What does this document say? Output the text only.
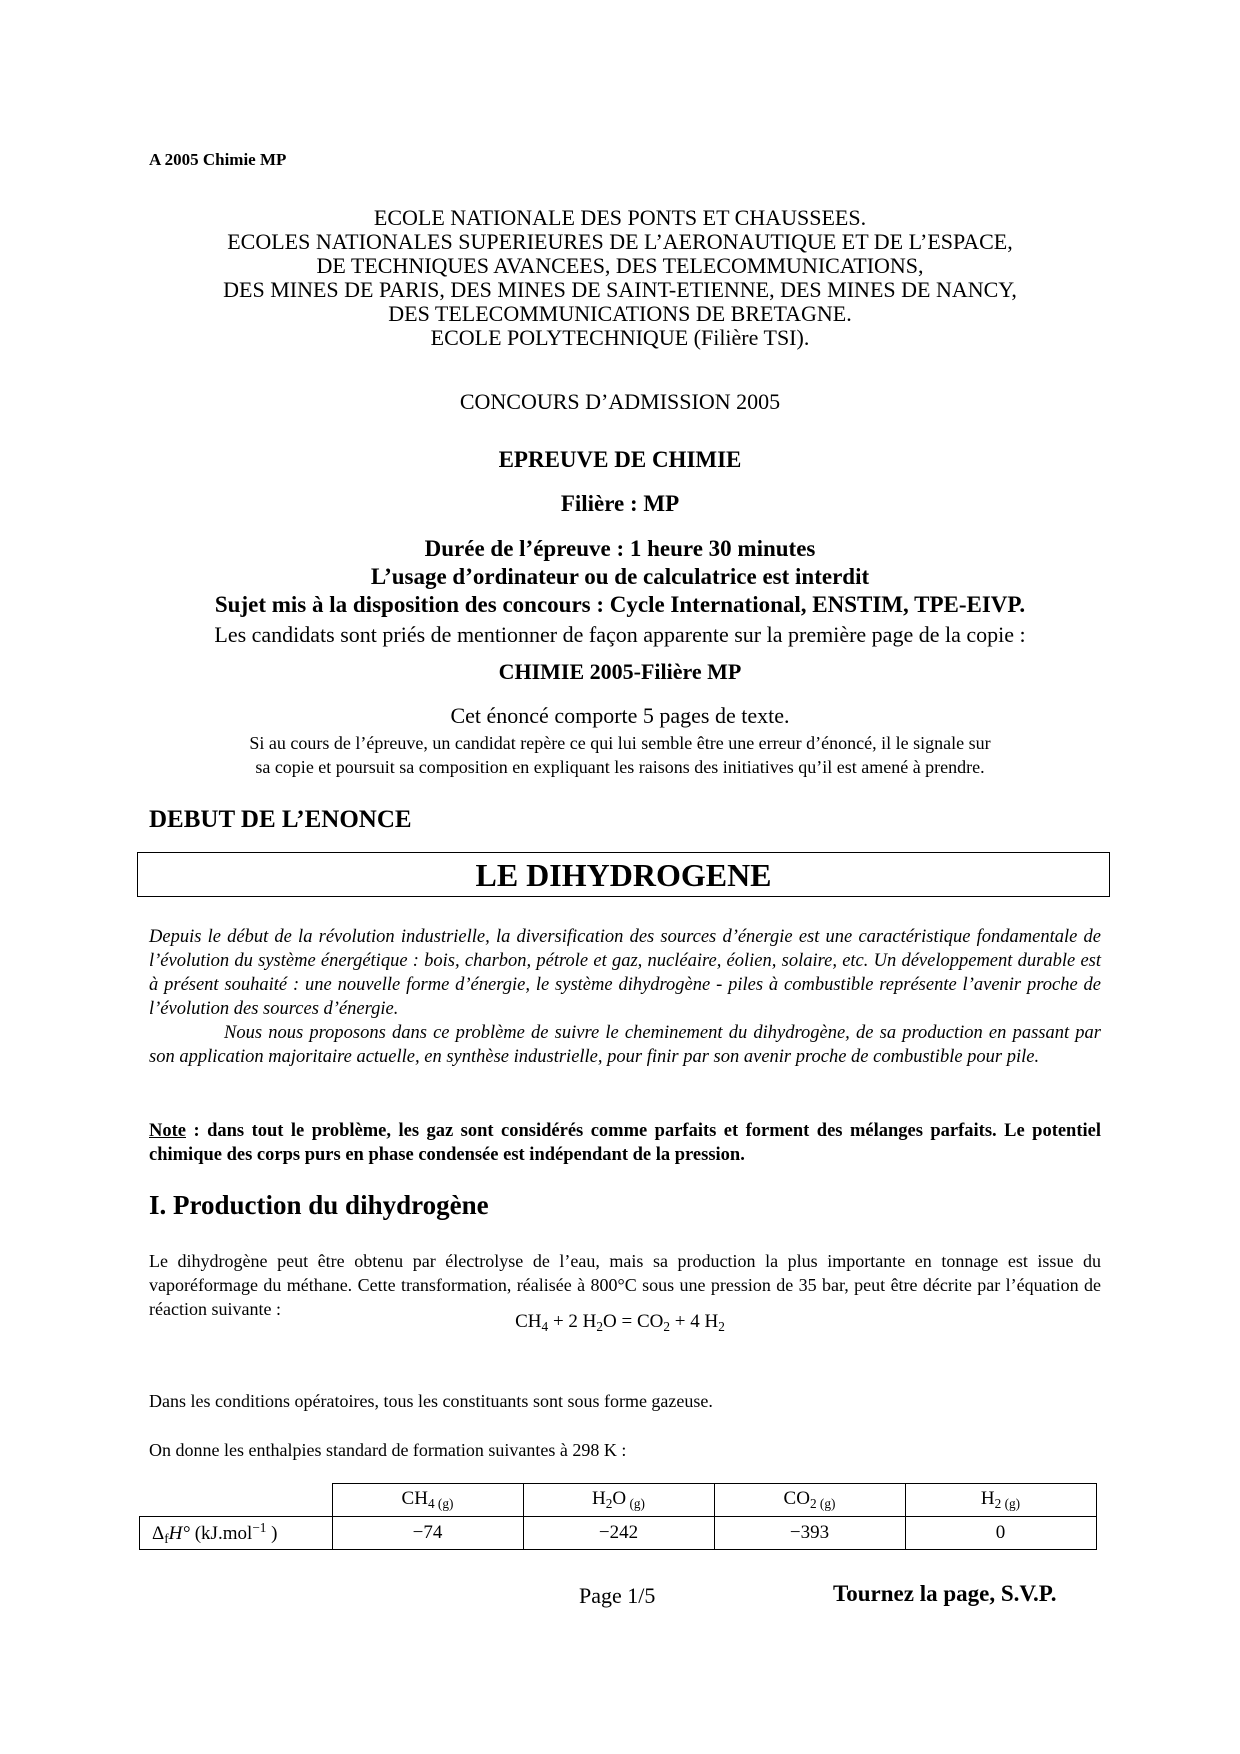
A 2005 Chimie MP
ECOLE NATIONALE DES PONTS ET CHAUSSEES.
ECOLES NATIONALES SUPERIEURES DE L’AERONAUTIQUE ET DE L’ESPACE,
DE TECHNIQUES AVANCEES, DES TELECOMMUNICATIONS,
DES MINES DE PARIS, DES MINES DE SAINT-ETIENNE, DES MINES DE NANCY,
DES TELECOMMUNICATIONS DE BRETAGNE.
ECOLE POLYTECHNIQUE (Filière TSI).
CONCOURS D’ADMISSION 2005
EPREUVE DE CHIMIE
Filière : MP
Durée de l’épreuve : 1 heure 30 minutes
L’usage d’ordinateur ou de calculatrice est interdit
Sujet mis à la disposition des concours : Cycle International, ENSTIM, TPE-EIVP.
Les candidats sont priés de mentionner de façon apparente sur la première page de la copie :
CHIMIE 2005-Filière MP
Cet énoncé comporte 5 pages de texte.
Si au cours de l’épreuve, un candidat repère ce qui lui semble être une erreur d’énoncé, il le signale sur
sa copie et poursuit sa composition en expliquant les raisons des initiatives qu’il est amené à prendre.
DEBUT DE L’ENONCE
LE DIHYDROGENE

Depuis le début de la révolution industrielle, la diversification des sources d’énergie est une caractéristique fondamentale de l’évolution du système énergétique : bois, charbon, pétrole et gaz, nucléaire, éolien, solaire, etc. Un développement durable est à présent souhaité : une nouvelle forme d’énergie, le système dihydrogène - piles à combustible représente l’avenir proche de l’évolution des sources d’énergie.

Nous nous proposons dans ce problème de suivre le cheminement du dihydrogène, de sa production en passant par son application majoritaire actuelle, en synthèse industrielle, pour finir par son avenir proche de combustible pour pile.

Note : dans tout le problème, les gaz sont considérés comme parfaits et forment des mélanges parfaits. Le potentiel chimique des corps purs en phase condensée est indépendant de la pression.
I. Production du dihydrogène
Le dihydrogène peut être obtenu par électrolyse de l’eau, mais sa production la plus importante en tonnage est issue du vaporéformage du méthane. Cette transformation, réalisée à 800°C sous une pression de 35 bar, peut être décrite par l’équation de réaction suivante :
$CH_4 + 2$ $H_2O = CO_2 + 4$ $H_2$
Dans les conditions opératoires, tous les constituants sont sous forme gazeuse.
On donne les enthalpies standard de formation suivantes à 298 K :
	$CH_4$ $_{(g)}$	$H_2O$ $_{(g)}$	$CO_2$ $_{(g)}$	$H_2$ $_{(g)}$
$\Delta_fH^\circ$ (kJ.mol$^{-1}$ )	−74	−242	−393	0
Page 1/5	Tournez la page, S.V.P.
